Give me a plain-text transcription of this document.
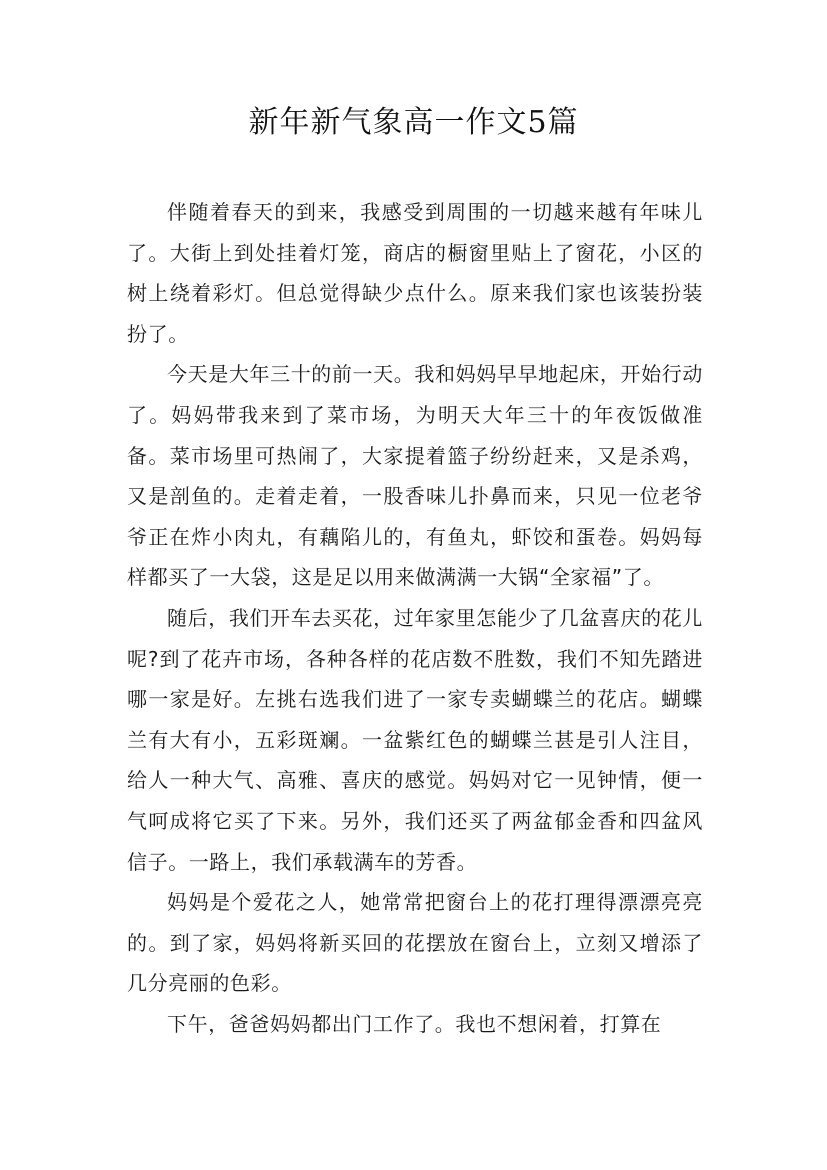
新年新气象高一作文5篇

伴随着春天的到来，我感受到周围的一切越来越有年味儿了。大街上到处挂着灯笼，商店的橱窗里贴上了窗花，小区的树上绕着彩灯。但总觉得缺少点什么。原来我们家也该装扮装扮了。

今天是大年三十的前一天。我和妈妈早早地起床，开始行动了。妈妈带我来到了菜市场，为明天大年三十的年夜饭做准备。菜市场里可热闹了，大家提着篮子纷纷赶来，又是杀鸡，又是剖鱼的。走着走着，一股香味儿扑鼻而来，只见一位老爷爷正在炸小肉丸，有藕陷儿的，有鱼丸，虾饺和蛋卷。妈妈每样都买了一大袋，这是足以用来做满满一大锅“全家福”了。

随后，我们开车去买花，过年家里怎能少了几盆喜庆的花儿呢?到了花卉市场，各种各样的花店数不胜数，我们不知先踏进哪一家是好。左挑右选我们进了一家专卖蝴蝶兰的花店。蝴蝶兰有大有小，五彩斑斓。一盆紫红色的蝴蝶兰甚是引人注目，给人一种大气、高雅、喜庆的感觉。妈妈对它一见钟情，便一气呵成将它买了下来。另外，我们还买了两盆郁金香和四盆风信子。一路上，我们承载满车的芳香。

妈妈是个爱花之人，她常常把窗台上的花打理得漂漂亮亮的。到了家，妈妈将新买回的花摆放在窗台上，立刻又增添了几分亮丽的色彩。

下午，爸爸妈妈都出门工作了。我也不想闲着，打算在
